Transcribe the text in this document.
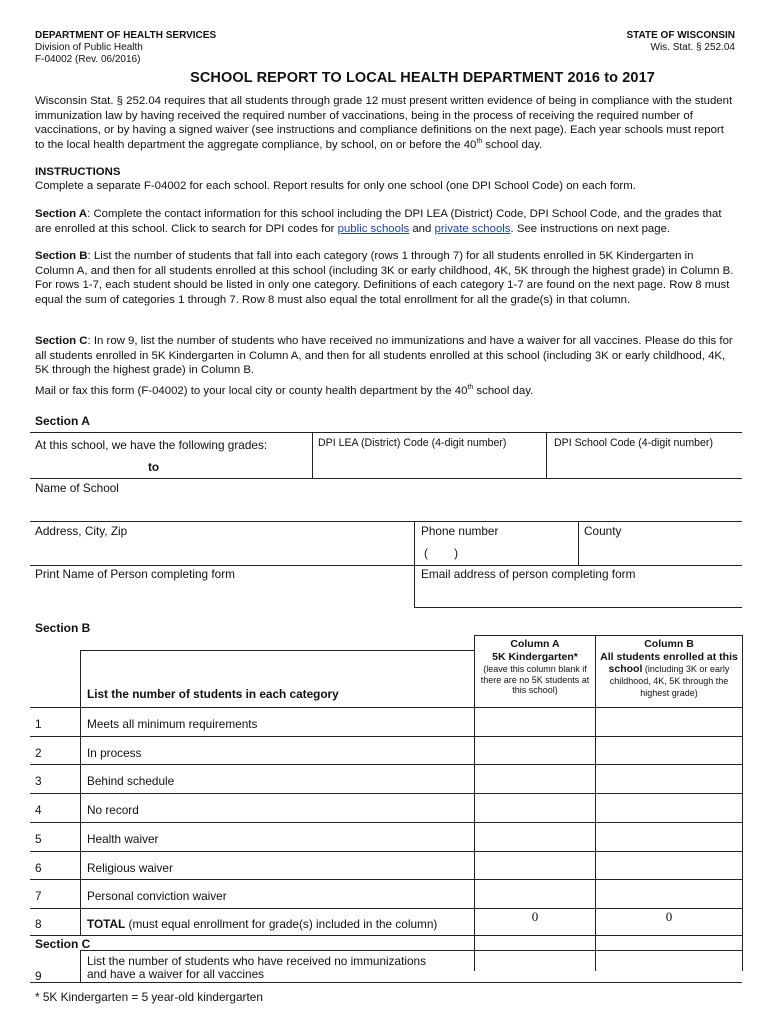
DEPARTMENT OF HEALTH SERVICES
Division of Public Health
F-04002 (Rev. 06/2016)
STATE OF WISCONSIN
Wis. Stat. § 252.04
SCHOOL REPORT TO LOCAL HEALTH DEPARTMENT 2016 to 2017
Wisconsin Stat. § 252.04 requires that all students through grade 12 must present written evidence of being in compliance with the student immunization law by having received the required number of vaccinations, being in the process of receiving the required number of vaccinations, or by having a signed waiver (see instructions and compliance definitions on the next page). Each year schools must report to the local health department the aggregate compliance, by school, on or before the 40th school day.
INSTRUCTIONS
Complete a separate F-04002 for each school. Report results for only one school (one DPI School Code) on each form.
Section A: Complete the contact information for this school including the DPI LEA (District) Code, DPI School Code, and the grades that are enrolled at this school. Click to search for DPI codes for public schools and private schools. See instructions on next page.
Section B: List the number of students that fall into each category (rows 1 through 7) for all students enrolled in 5K Kindergarten in Column A, and then for all students enrolled at this school (including 3K or early childhood, 4K, 5K through the highest grade) in Column B. For rows 1-7, each student should be listed in only one category. Definitions of each category 1-7 are found on the next page. Row 8 must equal the sum of categories 1 through 7. Row 8 must also equal the total enrollment for all the grade(s) in that column.
Section C: In row 9, list the number of students who have received no immunizations and have a waiver for all vaccines. Please do this for all students enrolled in 5K Kindergarten in Column A, and then for all students enrolled at this school (including 3K or early childhood, 4K, 5K through the highest grade) in Column B.
Mail or fax this form (F-04002) to your local city or county health department by the 40th school day.
Section A
At this school, we have the following grades:
to
DPI LEA (District) Code (4-digit number)	DPI School Code (4-digit number)
Name of School
Address, City, Zip	Phone number
(        )
County
Print Name of Person completing form	Email address of person completing form
Section B
Column A
5K Kindergarten*
(leave this column blank if there are no 5K students at this school)
Column B
All students enrolled at this school (including 3K or early childhood, 4K, 5K through the highest grade)
List the number of students in each category
1	Meets all minimum requirements
2	In process
3	Behind schedule
4	No record
5	Health waiver
6	Religious waiver
7	Personal conviction waiver
8	TOTAL (must equal enrollment for grade(s) included in the column)	0	0
Section C
9
List the number of students who have received no immunizations
and have a waiver for all vaccines
* 5K Kindergarten = 5 year-old kindergarten
